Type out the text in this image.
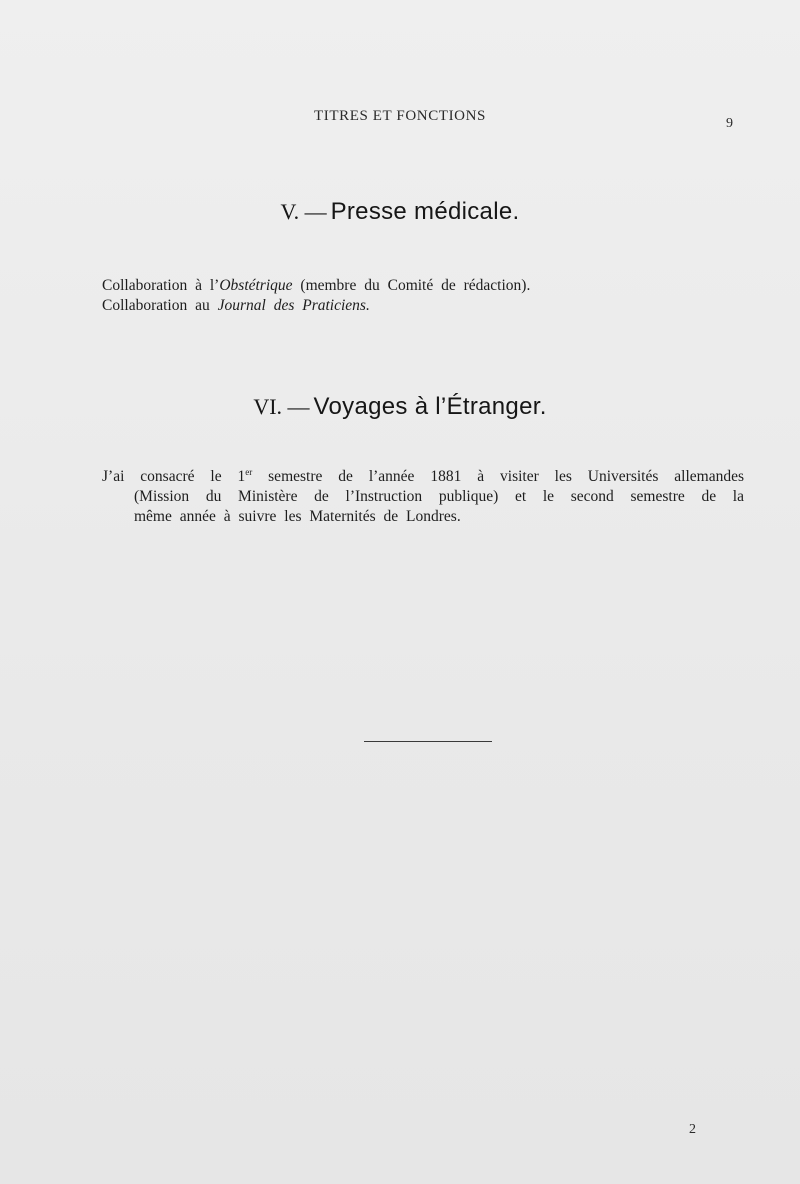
TITRES ET FONCTIONS	9
V. — Presse médicale.
Collaboration à l’Obstétrique (membre du Comité de rédaction).
Collaboration au Journal des Praticiens.
VI. — Voyages à l’Étranger.
J’ai consacré le 1er semestre de l’année 1881 à visiter les Universités allemandes
(Mission du Ministère de l’Instruction publique) et le second semestre de la
même année à suivre les Maternités de Londres.
2
